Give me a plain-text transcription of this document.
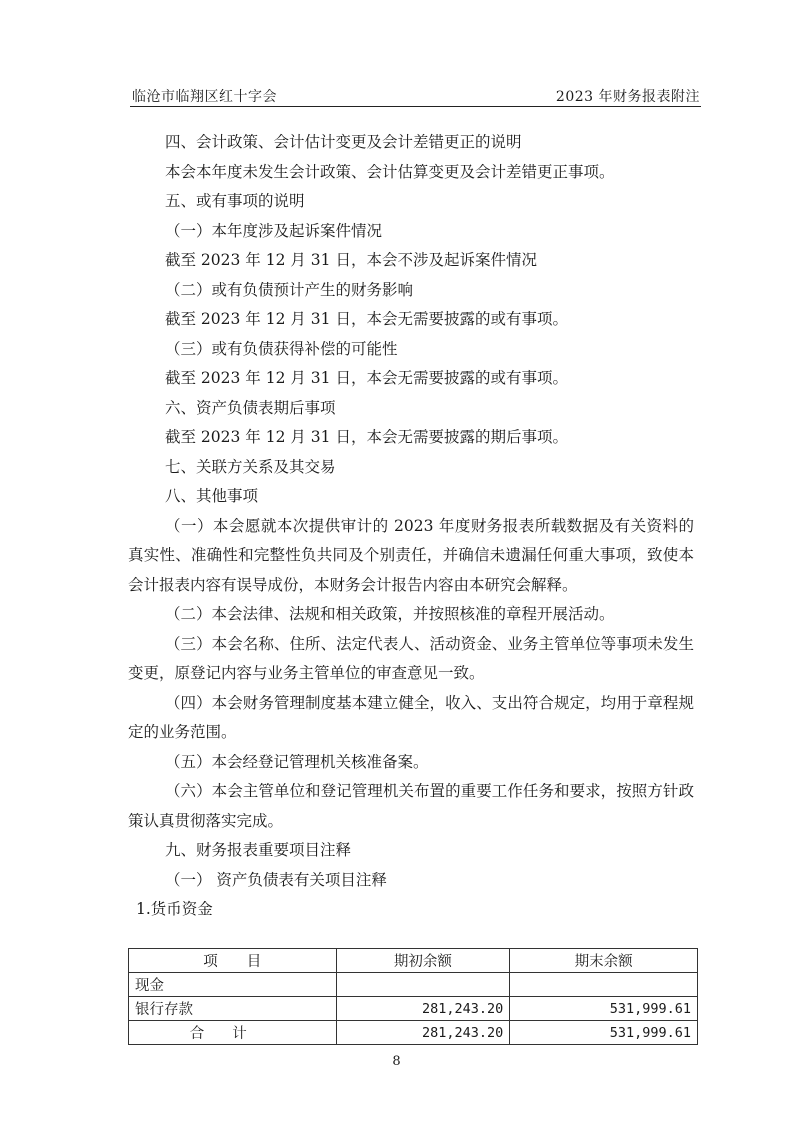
临沧市临翔区红十字会	2023 年财务报表附注

四、会计政策、会计估计变更及会计差错更正的说明

本会本年度未发生会计政策、会计估算变更及会计差错更正事项。

五、或有事项的说明

（一）本年度涉及起诉案件情况

截至 2023 年 12 月 31 日，本会不涉及起诉案件情况

（二）或有负债预计产生的财务影响

截至 2023 年 12 月 31 日，本会无需要披露的或有事项。

（三）或有负债获得补偿的可能性

截至 2023 年 12 月 31 日，本会无需要披露的或有事项。

六、资产负债表期后事项

截至 2023 年 12 月 31 日，本会无需要披露的期后事项。

七、关联方关系及其交易

八、其他事项

（一）本会愿就本次提供审计的 2023 年度财务报表所载数据及有关资料的真实性、准确性和完整性负共同及个别责任，并确信未遗漏任何重大事项，致使本会计报表内容有误导成份，本财务会计报告内容由本研究会解释。

（二）本会法律、法规和相关政策，并按照核准的章程开展活动。

（三）本会名称、住所、法定代表人、活动资金、业务主管单位等事项未发生变更，原登记内容与业务主管单位的审查意见一致。

（四）本会财务管理制度基本建立健全，收入、支出符合规定，均用于章程规定的业务范围。

（五）本会经登记管理机关核准备案。

（六）本会主管单位和登记管理机关布置的重要工作任务和要求，按照方针政策认真贯彻落实完成。

九、财务报表重要项目注释

（一） 资产负债表有关项目注释

1.货币资金

项　　目	期初余额	期末余额
现金		
银行存款	281,243.20	531,999.61
合计	281,243.20	531,999.61
8
